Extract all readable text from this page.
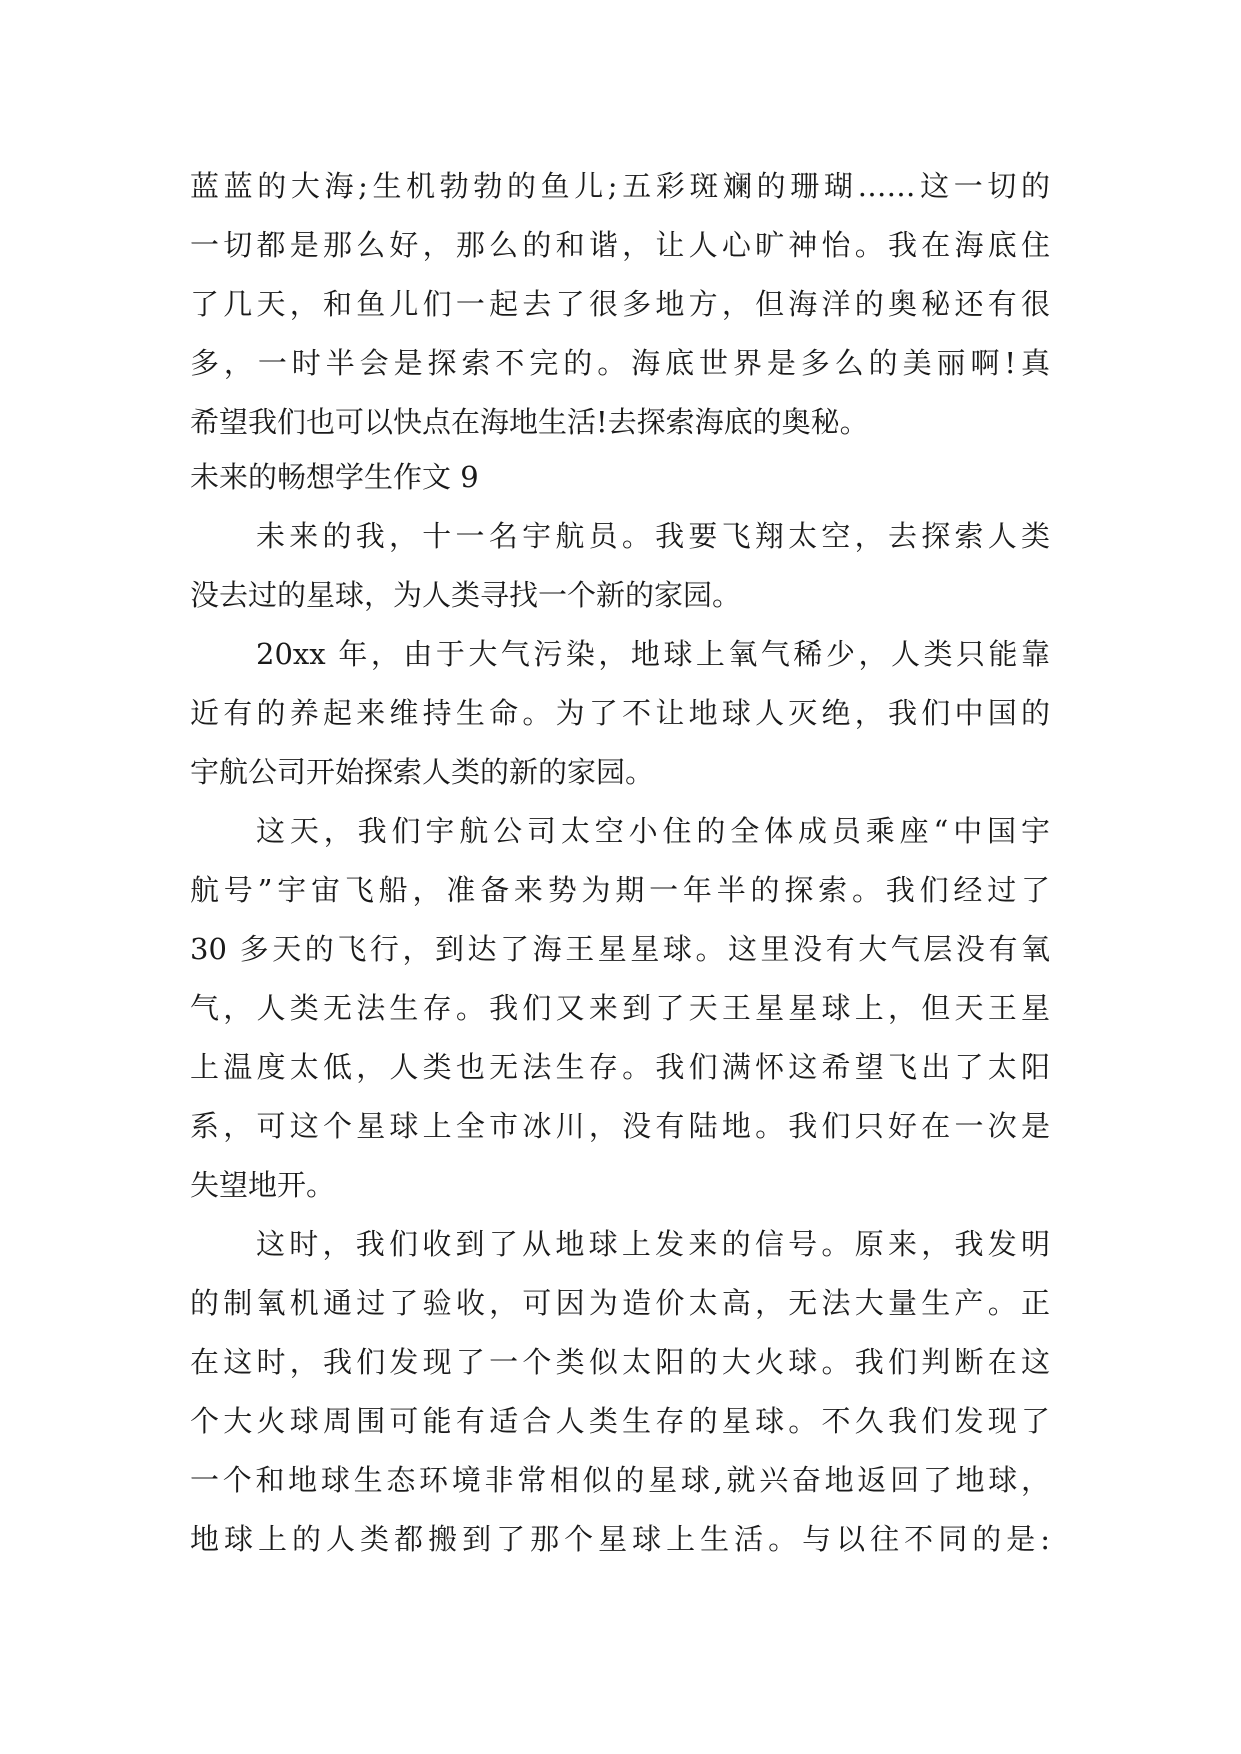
蓝蓝的大海;生机勃勃的鱼儿;五彩斑斓的珊瑚……这一切的
一切都是那么好，那么的和谐，让人心旷神怡。我在海底住
了几天，和鱼儿们一起去了很多地方，但海洋的奥秘还有很
多，一时半会是探索不完的。海底世界是多么的美丽啊!真
希望我们也可以快点在海地生活!去探索海底的奥秘。
未来的畅想学生作文 9
未来的我，十一名宇航员。我要飞翔太空，去探索人类
没去过的星球，为人类寻找一个新的家园。
20xx 年，由于大气污染，地球上氧气稀少，人类只能靠
近有的养起来维持生命。为了不让地球人灭绝，我们中国的
宇航公司开始探索人类的新的家园。
这天，我们宇航公司太空小住的全体成员乘座“中国宇
航号”宇宙飞船，准备来势为期一年半的探索。我们经过了
30 多天的飞行，到达了海王星星球。这里没有大气层没有氧
气，人类无法生存。我们又来到了天王星星球上，但天王星
上温度太低，人类也无法生存。我们满怀这希望飞出了太阳
系，可这个星球上全市冰川，没有陆地。我们只好在一次是
失望地开。
这时，我们收到了从地球上发来的信号。原来，我发明
的制氧机通过了验收，可因为造价太高，无法大量生产。正
在这时，我们发现了一个类似太阳的大火球。我们判断在这
个大火球周围可能有适合人类生存的星球。不久我们发现了
一个和地球生态环境非常相似的星球,就兴奋地返回了地球，
地球上的人类都搬到了那个星球上生活。与以往不同的是:
